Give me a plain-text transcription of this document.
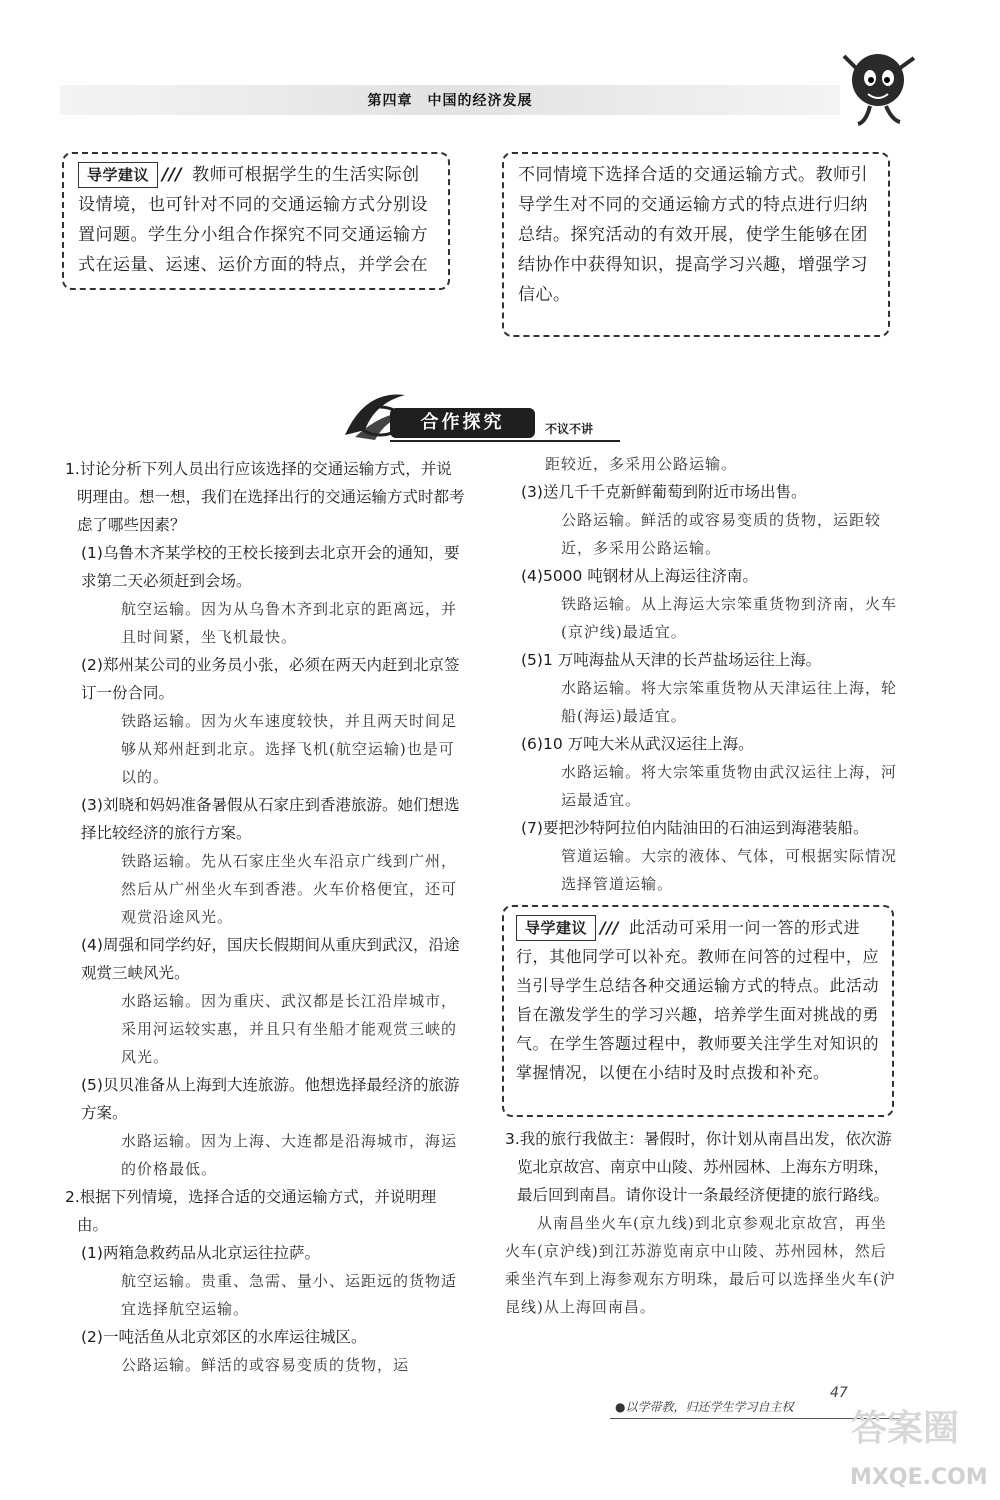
第四章　中国的经济发展
导学建议 /// 教师可根据学生的生活实际创设情境，也可针对不同的交通运输方式分别设置问题。学生分小组合作探究不同交通运输方式在运量、运速、运价方面的特点，并学会在
不同情境下选择合适的交通运输方式。教师引导学生对不同的交通运输方式的特点进行归纳总结。探究活动的有效开展，使学生能够在团结协作中获得知识，提高学习兴趣，增强学习信心。
合作探究	不议不讲

1.讨论分析下列人员出行应该选择的交通运输方式，并说明理由。想一想，我们在选择出行的交通运输方式时都考虑了哪些因素？

(1)乌鲁木齐某学校的王校长接到去北京开会的通知，要求第二天必须赶到会场。

航空运输。因为从乌鲁木齐到北京的距离远，并且时间紧，坐飞机最快。

(2)郑州某公司的业务员小张，必须在两天内赶到北京签订一份合同。

铁路运输。因为火车速度较快，并且两天时间足够从郑州赶到北京。选择飞机(航空运输)也是可以的。

(3)刘晓和妈妈准备暑假从石家庄到香港旅游。她们想选择比较经济的旅行方案。

铁路运输。先从石家庄坐火车沿京广线到广州，然后从广州坐火车到香港。火车价格便宜，还可观赏沿途风光。

(4)周强和同学约好，国庆长假期间从重庆到武汉，沿途观赏三峡风光。

水路运输。因为重庆、武汉都是长江沿岸城市，采用河运较实惠，并且只有坐船才能观赏三峡的风光。

(5)贝贝准备从上海到大连旅游。他想选择最经济的旅游方案。

水路运输。因为上海、大连都是沿海城市，海运的价格最低。

2.根据下列情境，选择合适的交通运输方式，并说明理由。

(1)两箱急救药品从北京运往拉萨。

航空运输。贵重、急需、量小、运距远的货物适宜选择航空运输。

(2)一吨活鱼从北京郊区的水库运往城区。

公路运输。鲜活的或容易变质的货物，运

距较近，多采用公路运输。

(3)送几千千克新鲜葡萄到附近市场出售。

公路运输。鲜活的或容易变质的货物，运距较近，多采用公路运输。

(4)5000 吨钢材从上海运往济南。

铁路运输。从上海运大宗笨重货物到济南，火车(京沪线)最适宜。

(5)1 万吨海盐从天津的长芦盐场运往上海。

水路运输。将大宗笨重货物从天津运往上海，轮船(海运)最适宜。

(6)10 万吨大米从武汉运往上海。

水路运输。将大宗笨重货物由武汉运往上海，河运最适宜。

(7)要把沙特阿拉伯内陆油田的石油运到海港装船。

管道运输。大宗的液体、气体，可根据实际情况选择管道运输。

导学建议 /// 此活动可采用一问一答的形式进行，其他同学可以补充。教师在问答的过程中，应当引导学生总结各种交通运输方式的特点。此活动旨在激发学生的学习兴趣，培养学生面对挑战的勇气。在学生答题过程中，教师要关注学生对知识的掌握情况，以便在小结时及时点拨和补充。

3.我的旅行我做主：暑假时，你计划从南昌出发，依次游览北京故宫、南京中山陵、苏州园林、上海东方明珠，最后回到南昌。请你设计一条最经济便捷的旅行路线。

从南昌坐火车(京九线)到北京参观北京故宫，再坐火车(京沪线)到江苏游览南京中山陵、苏州园林，然后乘坐汽车到上海参观东方明珠，最后可以选择坐火车(沪昆线)从上海回南昌。

●以学带教，归还学生学习自主权
47
答案圈
MXQE.COM
